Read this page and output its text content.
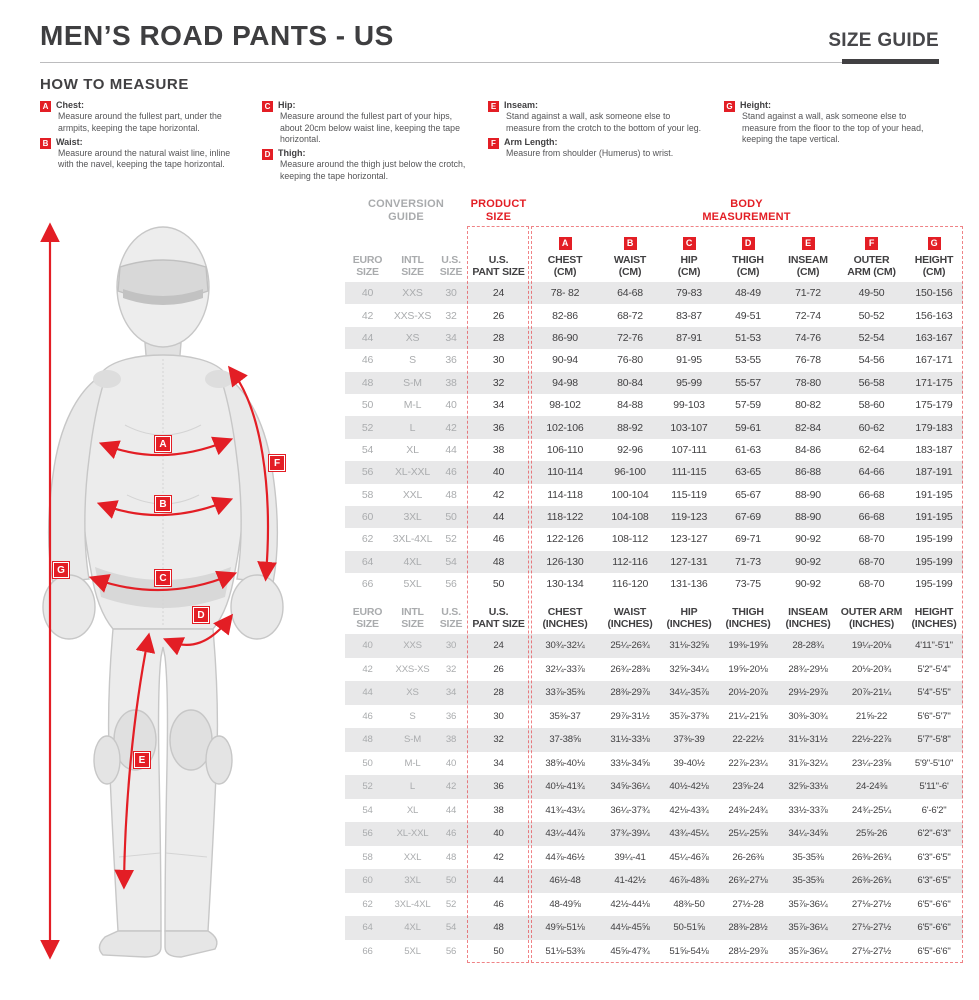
MEN’S ROAD PANTS - US	SIZE GUIDE
HOW TO MEASURE
A Chest:
Measure around the fullest part, under the armpits, keeping the tape horizontal.
B Waist:
Measure around the natural waist line, inline with the navel, keeping the tape horizontal.
C Hip:
Measure around the fullest part of your hips, about 20cm below waist line, keeping the tape horizontal.
D Thigh:
Measure around the thigh just below the crotch, keeping the tape horizontal.
E Inseam:
Stand against a wall, ask someone else to measure from the crotch to the bottom of your leg.
F Arm Length:
Measure from shoulder (Humerus) to wrist.
G Height:
Stand against a wall, ask someone else to measure from the floor to the top of your head, keeping the tape vertical.
A
B
C
D
E
F
G
CONVERSION
GUIDE
PRODUCT
SIZE
BODY
MEASUREMENT
EURO
SIZE
INTL
SIZE
U.S.
SIZE
U.S.
PANT SIZE
A
CHEST
(CM)
B
WAIST
(CM)
C
HIP
(CM)
D
THIGH
(CM)
E
INSEAM
(CM)
F
OUTER
ARM (CM)
G
HEIGHT
(CM)
40	XXS	30	24	78- 82	64-68	79-83	48-49	71-72	49-50	150-156
42	XXS-XS	32	26	82-86	68-72	83-87	49-51	72-74	50-52	156-163
44	XS	34	28	86-90	72-76	87-91	51-53	74-76	52-54	163-167
46	S	36	30	90-94	76-80	91-95	53-55	76-78	54-56	167-171
48	S-M	38	32	94-98	80-84	95-99	55-57	78-80	56-58	171-175
50	M-L	40	34	98-102	84-88	99-103	57-59	80-82	58-60	175-179
52	L	42	36	102-106	88-92	103-107	59-61	82-84	60-62	179-183
54	XL	44	38	106-110	92-96	107-111	61-63	84-86	62-64	183-187
56	XL-XXL	46	40	110-114	96-100	111-115	63-65	86-88	64-66	187-191
58	XXL	48	42	114-118	100-104	115-119	65-67	88-90	66-68	191-195
60	3XL	50	44	118-122	104-108	119-123	67-69	88-90	66-68	191-195
62	3XL-4XL	52	46	122-126	108-112	123-127	69-71	90-92	68-70	195-199
64	4XL	54	48	126-130	112-116	127-131	71-73	90-92	68-70	195-199
66	5XL	56	50	130-134	116-120	131-136	73-75	90-92	68-70	195-199
EURO
SIZE
INTL
SIZE
U.S.
SIZE
U.S.
PANT SIZE
CHEST
(INCHES)
WAIST
(INCHES)
HIP
(INCHES)
THIGH
(INCHES)
INSEAM
(INCHES)
OUTER ARM
(INCHES)
HEIGHT
(INCHES)
40	XXS	30	24	30¾-32¼	25¼-26¾	31⅛-32⅝	19⅜-19⅝	28-28¾	19¼-20⅛	4'11"-5'1"
42	XXS-XS	32	26	32¼-33⅞	26¾-28⅜	32⅝-34¼	19⅝-20⅛	28¾-29⅛	20⅛-20¾	5'2"-5'4"
44	XS	34	28	33⅞-35⅜	28⅜-29⅞	34¼-35⅞	20½-20⅞	29½-29⅞	20⅞-21¼	5'4"-5'5"
46	S	36	30	35⅜-37	29⅞-31½	35⅞-37⅜	21¼-21⅝	30⅜-30¾	21⅝-22	5'6"-5'7"
48	S-M	38	32	37-38⅝	31½-33⅛	37⅜-39	22-22½	31⅛-31½	22½-22⅞	5'7"-5'8"
50	M-L	40	34	38⅝-40⅛	33⅛-34⅝	39-40½	22⅞-23¼	31⅞-32¼	23¼-23⅝	5'9"-5'10"
52	L	42	36	40⅛-41¾	34⅝-36¼	40½-42⅛	23⅝-24	32⅝-33⅛	24-24⅜	5'11"-6'
54	XL	44	38	41¾-43¼	36¼-37¾	42⅛-43¾	24⅜-24¾	33½-33⅞	24¾-25¼	6'-6'2"
56	XL-XXL	46	40	43¼-44⅞	37¾-39¼	43¾-45¼	25¼-25⅝	34¼-34⅝	25⅝-26	6'2"-6'3"
58	XXL	48	42	44⅞-46½	39¼-41	45¼-46⅞	26-26⅜	35-35⅜	26⅜-26¾	6'3"-6'5"
60	3XL	50	44	46½-48	41-42½	46⅞-48⅜	26¾-27⅛	35-35⅜	26⅜-26¾	6'3"-6'5"
62	3XL-4XL	52	46	48-49⅝	42½-44⅛	48⅜-50	27½-28	35⅞-36¼	27⅛-27½	6'5"-6'6"
64	4XL	54	48	49⅝-51⅛	44⅛-45⅝	50-51⅝	28⅜-28½	35⅞-36¼	27⅛-27½	6'5"-6'6"
66	5XL	56	50	51⅛-53⅜	45⅝-47¾	51⅝-54⅛	28½-29⅞	35⅞-36¼	27⅛-27½	6'5"-6'6"
